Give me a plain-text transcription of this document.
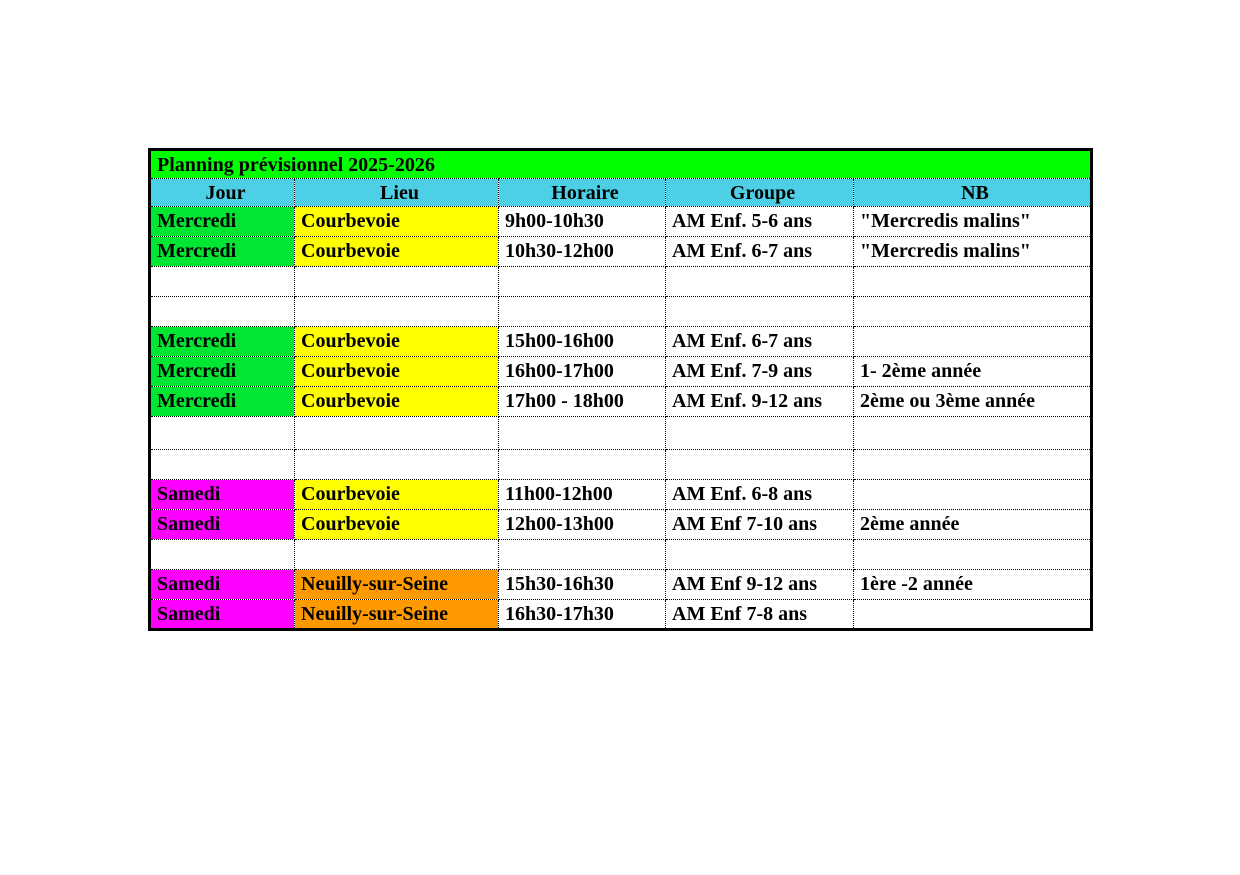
Planning prévisionnel 2025-2026				
Jour	Lieu	Horaire	Groupe	NB
Mercredi	Courbevoie	9h00-10h30	AM Enf. 5-6 ans	"Mercredis malins"
Mercredi	Courbevoie	10h30-12h00	AM Enf. 6-7 ans	"Mercredis malins"

Mercredi	Courbevoie	15h00-16h00	AM Enf. 6-7 ans	
Mercredi	Courbevoie	16h00-17h00	AM Enf. 7-9 ans	1- 2ème année
Mercredi	Courbevoie	17h00 - 18h00	AM Enf. 9-12 ans	2ème ou 3ème année

Samedi	Courbevoie	11h00-12h00	AM Enf. 6-8 ans	
Samedi	Courbevoie	12h00-13h00	AM Enf 7-10 ans	2ème année

Samedi	Neuilly-sur-Seine	15h30-16h30	AM Enf 9-12 ans	1ère -2 année
Samedi	Neuilly-sur-Seine	16h30-17h30	AM Enf 7-8 ans	
